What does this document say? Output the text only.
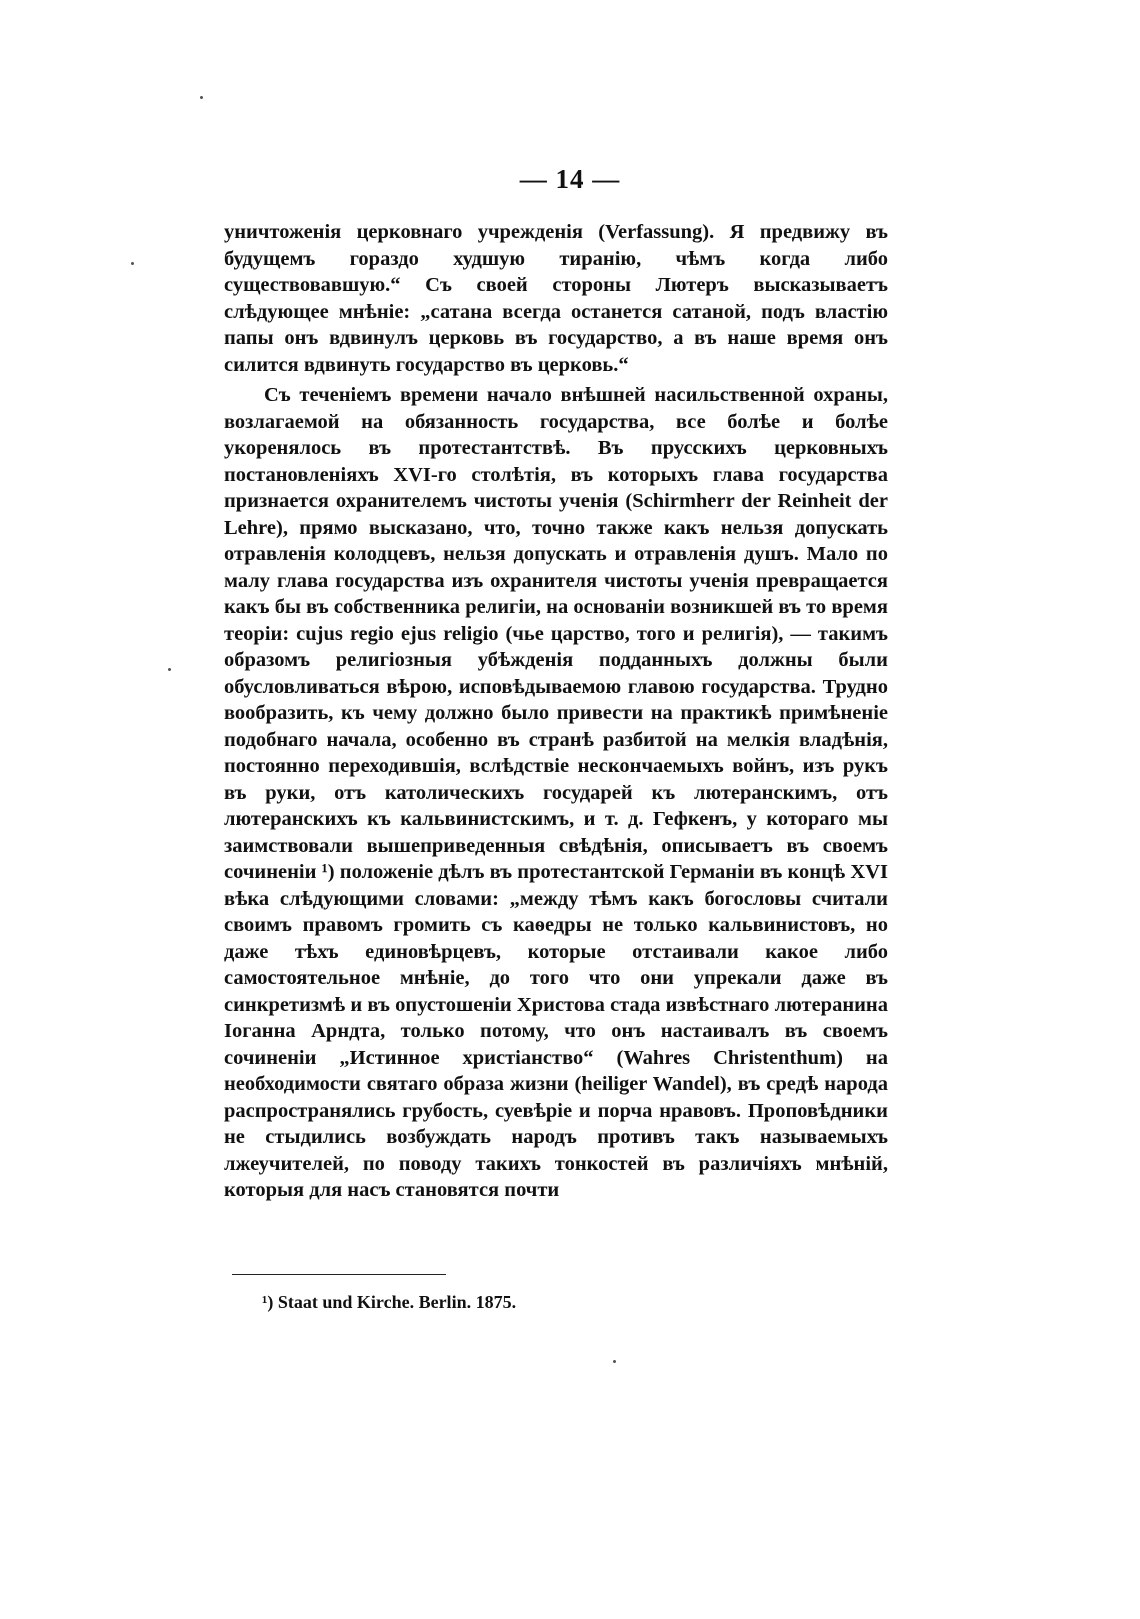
— 14 —

уничтоженія церковнаго учрежденія (Verfassung). Я предвижу въ будущемъ гораздо худшую тиранію, чѣмъ когда либо существовавшую.“ Съ своей стороны Лютеръ высказываетъ слѣдующее мнѣніе: „сатана всегда останется сатаной, подъ властію папы онъ вдвинулъ церковь въ государство, а въ наше время онъ силится вдвинуть государство въ церковь.“

Съ теченіемъ времени начало внѣшней насильственной охраны, возлагаемой на обязанность государства, все болѣе и болѣе укоренялось въ протестантствѣ. Въ прусскихъ церковныхъ постановленіяхъ XVI-го столѣтія, въ которыхъ глава государства признается охранителемъ чистоты ученія (Schirmherr der Reinheit der Lehre), прямо высказано, что, точно также какъ нельзя допускать отравленія колодцевъ, нельзя допускать и отравленія душъ. Мало по малу глава государства изъ охранителя чистоты ученія превращается какъ бы въ собственника религіи, на основаніи возникшей въ то время теоріи: cujus regio ejus religio (чье царство, того и религія), — такимъ образомъ религіозныя убѣжденія подданныхъ должны были обусловливаться вѣрою, исповѣдываемою главою государства. Трудно вообразить, къ чему должно было привести на практикѣ примѣненіе подобнаго начала, особенно въ странѣ разбитой на мелкія владѣнія, постоянно переходившія, вслѣдствіе нескончаемыхъ войнъ, изъ рукъ въ руки, отъ католическихъ государей къ лютеранскимъ, отъ лютеранскихъ къ кальвинистскимъ, и т. д. Гефкенъ, у котораго мы заимствовали вышеприведенныя свѣдѣнія, описываетъ въ своемъ сочиненіи ¹) положеніе дѣлъ въ протестантской Германіи въ концѣ XVI вѣка слѣдующими словами: „между тѣмъ какъ богословы считали своимъ правомъ громить съ каѳедры не только кальвинистовъ, но даже тѣхъ единовѣрцевъ, которые отстаивали какое либо самостоятельное мнѣніе, до того что они упрекали даже въ синкретизмѣ и въ опустошеніи Христова стада извѣстнаго лютеранина Іоганна Арндта, только потому, что онъ настаивалъ въ своемъ сочиненіи „Истинное христіанство“ (Wahres Christenthum) на необходимости святаго образа жизни (heiliger Wandel), въ средѣ народа распространялись грубость, суевѣріе и порча нравовъ. Проповѣдники не стыдились возбуждать народъ противъ такъ называемыхъ лжеучителей, по поводу такихъ тонкостей въ различіяхъ мнѣній, которыя для насъ становятся почти

¹) Staat und Kirche. Berlin. 1875.
